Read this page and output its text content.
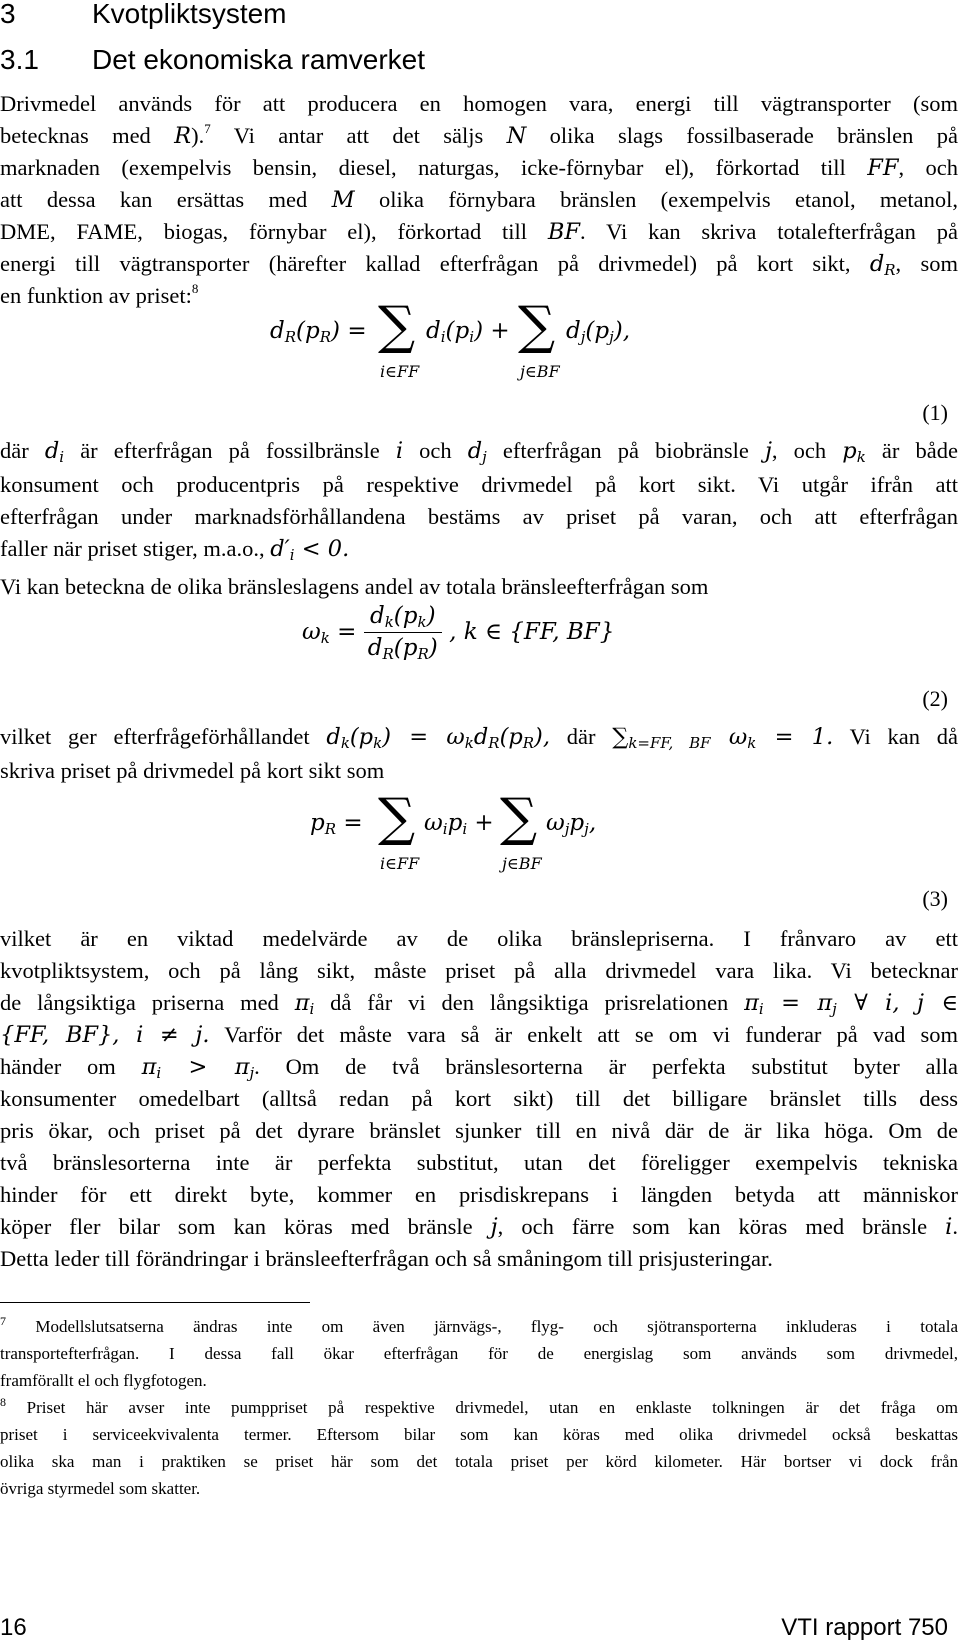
3	Kvotpliktsystem
3.1 Det ekonomiska ramverket
Drivmedel används för att producera en homogen vara, energi till vägtransporter (som
betecknas med R).$^7$ Vi antar att det säljs N olika slags fossilbaserade bränslen på
marknaden (exempelvis bensin, diesel, naturgas, icke-förnybar el), förkortad till FF, och
att dessa kan ersättas med M olika förnybara bränslen (exempelvis etanol, metanol,
DME, FAME, biogas, förnybar el), förkortad till BF. Vi kan skriva totalefterfrågan på
energi till vägtransporter (härefter kallad efterfrågan på drivmedel) på kort sikt, dR, som
en funktion av priset:$^8$
dR(pR) = ∑
i∈FF
di(pi) + ∑
j∈BF
dj(pj),
(1)
där di är efterfrågan på fossilbränsle i och dj efterfrågan på biobränsle j, och pk är både
konsument och producentpris på respektive drivmedel på kort sikt. Vi utgår ifrån att
efterfrågan under marknadsförhållandena bestäms av priset på varan, och att efterfrågan
faller när priset stiger, m.a.o., d′i < 0.
Vi kan beteckna de olika bränsleslagens andel av totala bränsleefterfrågan som
$\omega k = \frac{dk(pk)}{dR(pR)}$ , k ∈ {FF, BF}
(2)
vilket ger efterfrågeförhållandet dk(pk) = ωkdR(pR), där ∑k=FF, BF ωk = 1. Vi kan då
skriva priset på drivmedel på kort sikt som
pR = ∑
i∈FF
ωipi + ∑
j∈BF
ωjpj,
(3)
vilket är en viktad medelvärde av de olika bränslepriserna. I frånvaro av ett
kvotpliktsystem, och på lång sikt, måste priset på alla drivmedel vara lika. Vi betecknar
de långsiktiga priserna med πi då får vi den långsiktiga prisrelationen πi = πj ∀ i, j ∈
{FF, BF}, i ≠ j. Varför det måste vara så är enkelt att se om vi funderar på vad som
händer om πi > πj. Om de två bränslesorterna är perfekta substitut byter alla
konsumenter omedelbart (alltså redan på kort sikt) till det billigare bränslet tills dess
pris ökar, och priset på det dyrare bränslet sjunker till en nivå där de är lika höga. Om de
två bränslesorterna inte är perfekta substitut, utan det föreligger exempelvis tekniska
hinder för ett direkt byte, kommer en prisdiskrepans i längden betyda att människor
köper fler bilar som kan köras med bränsle j, och färre som kan köras med bränsle i.
Detta leder till förändringar i bränsleefterfrågan och så småningom till prisjusteringar.
$^7$ Modellslutsatserna ändras inte om även järnvägs-, flyg- och sjötransporterna inkluderas i totala
transportefterfrågan. I dessa fall ökar efterfrågan för de energislag som används som drivmedel,
framförallt el och flygfotogen.
$^8$ Priset här avser inte pumppriset på respektive drivmedel, utan en enklaste tolkningen är det fråga om
priset i serviceekvivalenta termer. Eftersom bilar som kan köras med olika drivmedel också beskattas
olika ska man i praktiken se priset här som det totala priset per körd kilometer. Här bortser vi dock från
övriga styrmedel som skatter.
16	VTI rapport 750
